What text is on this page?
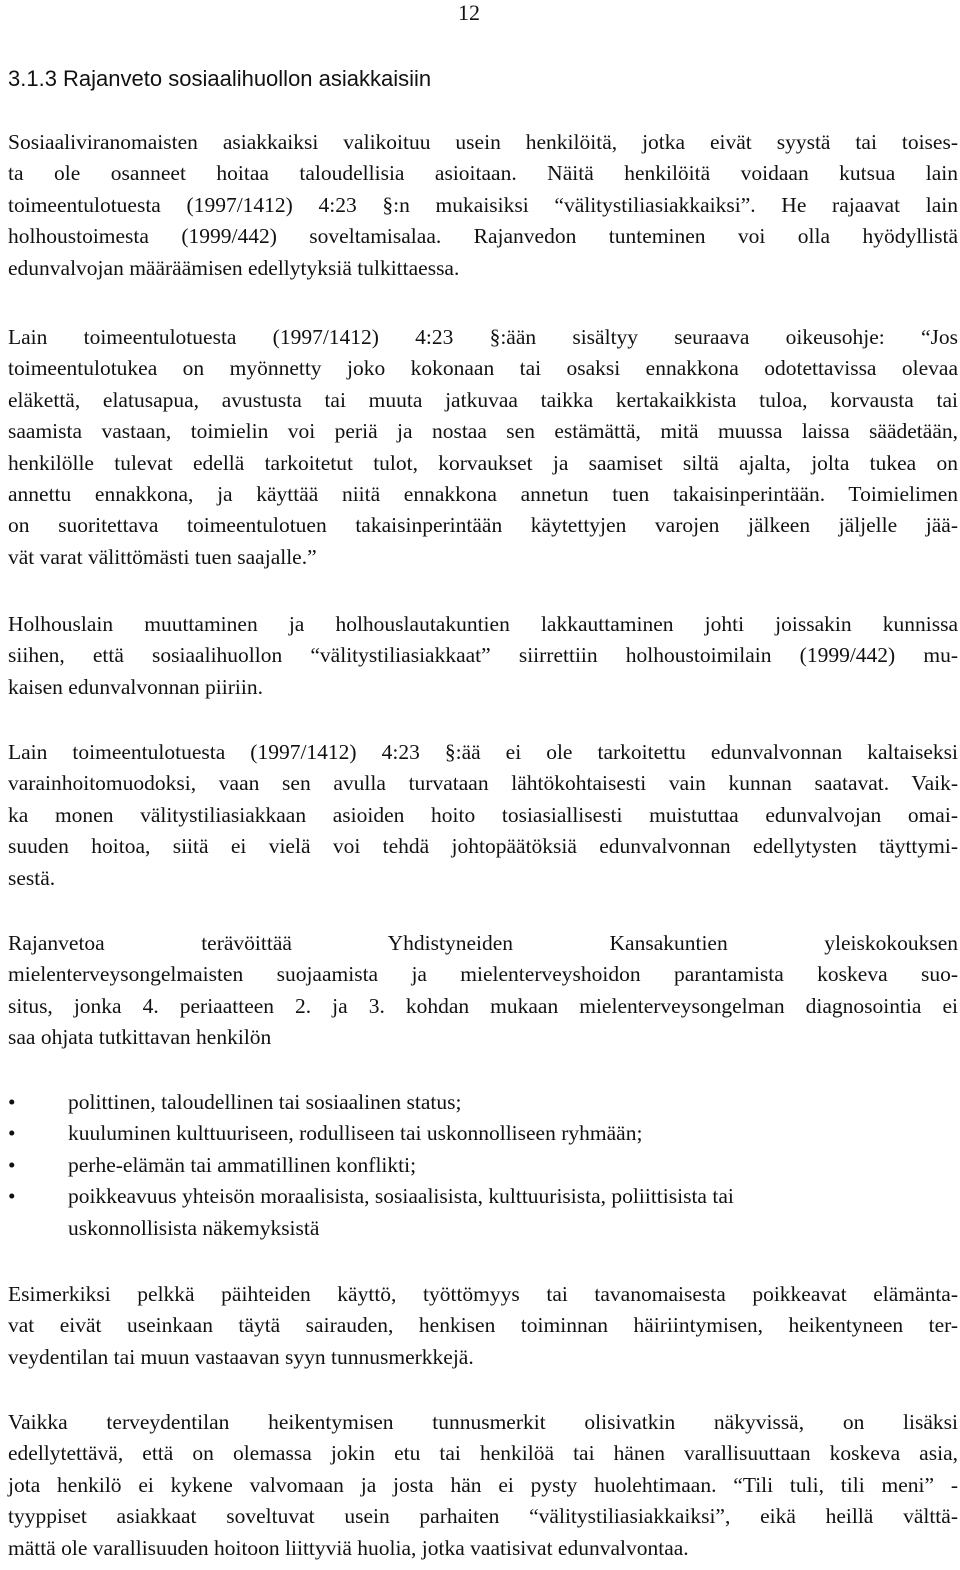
12
3.1.3 Rajanveto sosiaalihuollon asiakkaisiin

Sosiaaliviranomaisten asiakkaiksi valikoituu usein henkilöitä, jotka eivät syystä tai toises-
ta ole osanneet hoitaa taloudellisia asioitaan. Näitä henkilöitä voidaan kutsua lain
toimeentulotuesta (1997/1412) 4:23 §:n mukaisiksi “välitystiliasiakkaiksi”. He rajaavat lain
holhoustoimesta (1999/442) soveltamisalaa. Rajanvedon tunteminen voi olla hyödyllistä
edunvalvojan määräämisen edellytyksiä tulkittaessa.

Lain toimeentulotuesta (1997/1412) 4:23 §:ään sisältyy seuraava oikeusohje: “Jos
toimeentulotukea on myönnetty joko kokonaan tai osaksi ennakkona odotettavissa olevaa
eläkettä, elatusapua, avustusta tai muuta jatkuvaa taikka kertakaikkista tuloa, korvausta tai
saamista vastaan, toimielin voi periä ja nostaa sen estämättä, mitä muussa laissa säädetään,
henkilölle tulevat edellä tarkoitetut tulot, korvaukset ja saamiset siltä ajalta, jolta tukea on
annettu ennakkona, ja käyttää niitä ennakkona annetun tuen takaisinperintään. Toimielimen
on suoritettava toimeentulotuen takaisinperintään käytettyjen varojen jälkeen jäljelle jää-
vät varat välittömästi tuen saajalle.”

Holhouslain muuttaminen ja holhouslautakuntien lakkauttaminen johti joissakin kunnissa
siihen, että sosiaalihuollon “välitystiliasiakkaat” siirrettiin holhoustoimilain (1999/442) mu-
kaisen edunvalvonnan piiriin.

Lain toimeentulotuesta (1997/1412) 4:23 §:ää ei ole tarkoitettu edunvalvonnan kaltaiseksi
varainhoitomuodoksi, vaan sen avulla turvataan lähtökohtaisesti vain kunnan saatavat. Vaik-
ka monen välitystiliasiakkaan asioiden hoito tosiasiallisesti muistuttaa edunvalvojan omai-
suuden hoitoa, siitä ei vielä voi tehdä johtopäätöksiä edunvalvonnan edellytysten täyttymi-
sestä.

Rajanvetoa terävöittää Yhdistyneiden Kansakuntien yleiskokouksen
mielenterveysongelmaisten suojaamista ja mielenterveyshoidon parantamista koskeva suo-
situs, jonka 4. periaatteen 2. ja 3. kohdan mukaan mielenterveysongelman diagnosointia ei
saa ohjata tutkittavan henkilön

• polittinen, taloudellinen tai sosiaalinen status;
• kuuluminen kulttuuriseen, rodulliseen tai uskonnolliseen ryhmään;
• perhe-elämän tai ammatillinen konflikti;
• poikkeavuus yhteisön moraalisista, sosiaalisista, kulttuurisista, poliittisista tai
uskonnollisista näkemyksistä

Esimerkiksi pelkkä päihteiden käyttö, työttömyys tai tavanomaisesta poikkeavat elämänta-
vat eivät useinkaan täytä sairauden, henkisen toiminnan häiriintymisen, heikentyneen ter-
veydentilan tai muun vastaavan syyn tunnusmerkkejä.

Vaikka terveydentilan heikentymisen tunnusmerkit olisivatkin näkyvissä, on lisäksi
edellytettävä, että on olemassa jokin etu tai henkilöä tai hänen varallisuuttaan koskeva asia,
jota henkilö ei kykene valvomaan ja josta hän ei pysty huolehtimaan. “Tili tuli, tili meni” -
tyyppiset asiakkaat soveltuvat usein parhaiten “välitystiliasiakkaiksi”, eikä heillä välttä-
mättä ole varallisuuden hoitoon liittyviä huolia, jotka vaatisivat edunvalvontaa.
